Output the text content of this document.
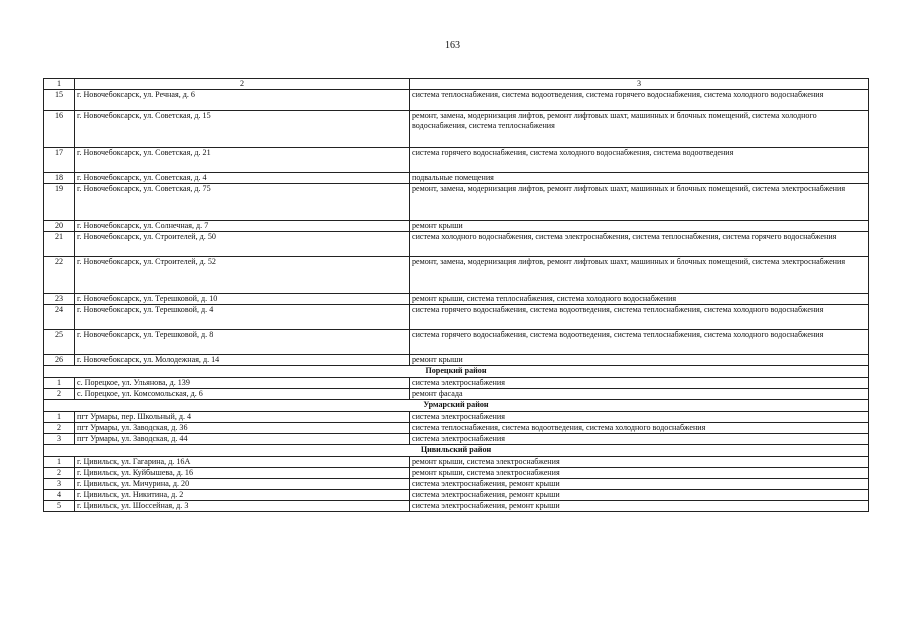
163
1	2	3
15	г. Новочебоксарск, ул. Речная, д. 6	система теплоснабжения, система водоотведения, система горячего водоснабжения, система холодного водоснабжения
16	г. Новочебоксарск, ул. Советская, д. 15	ремонт, замена, модернизация лифтов, ремонт лифтовых шахт, машинных и блочных помещений, система холодного водоснабжения, система теплоснабжения
17	г. Новочебоксарск, ул. Советская, д. 21	система горячего водоснабжения, система холодного водоснабжения, система водоотведения
18	г. Новочебоксарск, ул. Советская, д. 4	подвальные помещения
19	г. Новочебоксарск, ул. Советская, д. 75	ремонт, замена, модернизация лифтов, ремонт лифтовых шахт, машинных и блочных помещений, система электроснабжения
20	г. Новочебоксарск, ул. Солнечная, д. 7	ремонт крыши
21	г. Новочебоксарск, ул. Строителей, д. 50	система холодного водоснабжения, система электроснабжения, система теплоснабжения, система горячего водоснабжения
22	г. Новочебоксарск, ул. Строителей, д. 52	ремонт, замена, модернизация лифтов, ремонт лифтовых шахт, машинных и блочных помещений, система электроснабжения
23	г. Новочебоксарск, ул. Терешковой, д. 10	ремонт крыши, система теплоснабжения, система холодного водоснабжения
24	г. Новочебоксарск, ул. Терешковой, д. 4	система горячего водоснабжения, система водоотведения, система теплоснабжения, система холодного водоснабжения
25	г. Новочебоксарск, ул. Терешковой, д. 8	система горячего водоснабжения, система водоотведения, система теплоснабжения, система холодного водоснабжения
26	г. Новочебоксарск, ул. Молодежная, д. 14	ремонт крыши
Порецкий район		
1	с. Порецкое, ул. Ульянова, д. 139	система электроснабжения
2	с. Порецкое, ул. Комсомольская, д. 6	ремонт фасада
Урмарский район		
1	пгт Урмары, пер. Школьный, д. 4	система электроснабжения
2	пгт Урмары, ул. Заводская, д. 36	система теплоснабжения, система водоотведения, система холодного водоснабжения
3	пгт Урмары, ул. Заводская, д. 44	система электроснабжения
Цивильский район		
1	г. Цивильск, ул. Гагарина, д. 16А	ремонт крыши, система электроснабжения
2	г. Цивильск, ул. Куйбышева, д. 16	ремонт крыши, система электроснабжения
3	г. Цивильск, ул. Мичурина, д. 20	система электроснабжения, ремонт крыши
4	г. Цивильск, ул. Никитина, д. 2	система электроснабжения, ремонт крыши
5	г. Цивильск, ул. Шоссейная, д. 3	система электроснабжения, ремонт крыши
